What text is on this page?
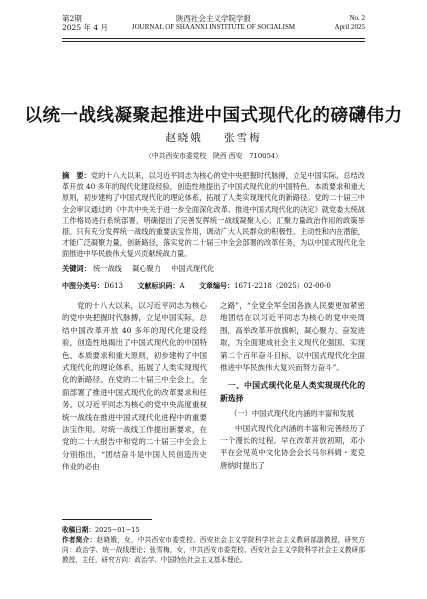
第2期
2025 年 4 月
陕西社会主义学院学报
JOURNAL OF SHAANXI INSTITUTE OF SOCIALISM
No. 2
April 2025
以统一战线凝聚起推进中国式现代化的磅礴伟力
赵晓娥 张雪梅
（中共西安市委党校　陕西 西安　710054）
摘　要：党的十八大以来，以习近平同志为核心的党中央把握时代脉搏，立足中国实际，总结改革开放 40 多年的现代化建设经验，创造性地提出了中国式现代化的中国特色、本质要求和重大原则，初步建构了中国式现代化的理论体系，拓展了人类实现现代化的新路径。党的二十届三中全会审议通过的《中共中央关于进一步全面深化改革、推进中国式现代化的决定》就党委大统战工作格局进行系统部署，明确提出了完善发挥统一战线凝聚人心、汇聚力量政治作用的政策举措。只有充分发挥统一战线的重要法宝作用，调动广大人民群众的积极性、主动性和内在潜能，才能广泛凝聚力量，创新路径，落实党的二十届三中全会部署的改革任务，为以中国式现代化全面推进中华民族伟大复兴贡献统战力量。
关键词： 统一战线 凝心聚力 中国式现代化
中图分类号：D613 文献标识码：A 文章编号：1671-2218（2025）02-00-0

党的十八大以来，以习近平同志为核心的党中央把握时代脉搏，立足中国实际，总结中国改革开放 40 多年的现代化建设经验，创造性地揭出了中国式现代化的中国特色、本质要求和重大原则，初步建构了中国式现代化的理论体系，拓展了人类实现现代化的新路径。在党的二十届三中全会上，全面部署了推进中国式现代化的改革要求和任务。以习近平同志为核心的党中央高度重视统一战线在推进中国式现代化进程中的重要法宝作用。对统一战线工作提出新要求，在党的二十大报告中和党的二十届三中全会上分别指出，“团结奋斗是中国人民创造历史伟业的必由

之路”，“全党全军全国各族人民要更加紧密地团结在以习近平同志为核心的党中央周围，高举改革开放旗帜，凝心聚力、奋发进取，为全面建成社会主义现代化强国、实现第二个百年奋斗目标，以中国式现代化全面推进中华民族伟大复兴而努力奋斗”。

一、中国式现代化是人类实现现代化的新选择
（一）中国式现代化内涵的丰富和发展

中国式现代化内涵的丰富和完善经历了一个漫长的过程。早在改革开放初期，邓小平在会见英中文化协会会长马尔科姆・麦克唐纳时提出了

收稿日期：2025−01−15
作者简介：赵晓娥，女，中共西安市委党校、西安社会主义学院科学社会主义教研部副教授，研究方向：政治学、统一战线理论；张雪梅，女，中共西安市委党校、西安社会主义学院科学社会主义教研部教授，主任，研究方向：政治学、中国特色社会主义基本理论。
